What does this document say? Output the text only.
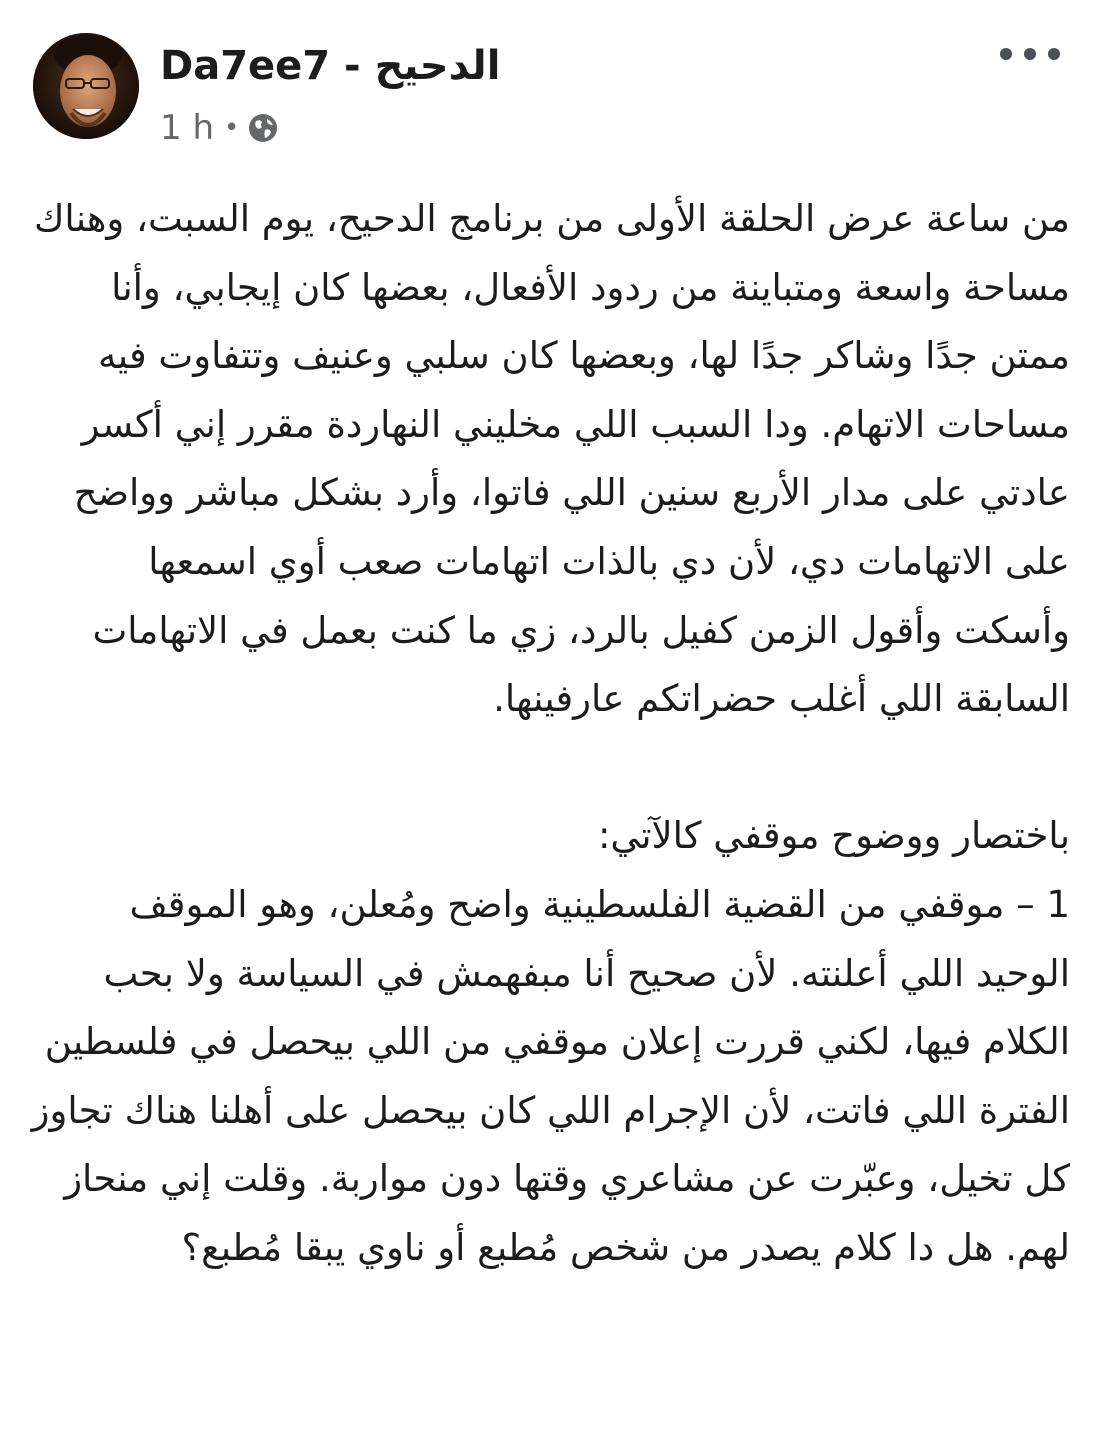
Da7ee7 - الدحيح
1 h •

من ساعة عرض الحلقة الأولى من برنامج الدحيح، يوم السبت، وهناك مساحة واسعة ومتباينة من ردود الأفعال، بعضها كان إيجابي، وأنا ممتن جدًا وشاكر جدًا لها، وبعضها كان سلبي وعنيف وتتفاوت فيه مساحات الاتهام. ودا السبب اللي مخليني النهاردة مقرر إني أكسر عادتي على مدار الأربع سنين اللي فاتوا، وأرد بشكل مباشر وواضح على الاتهامات دي، لأن دي بالذات اتهامات صعب أوي اسمعها وأسكت وأقول الزمن كفيل بالرد، زي ما كنت بعمل في الاتهامات السابقة اللي أغلب حضراتكم عارفينها.

باختصار ووضوح موقفي كالآتي:

1 – موقفي من القضية الفلسطينية واضح ومُعلن، وهو الموقف الوحيد اللي أعلنته. لأن صحيح أنا مبفهمش في السياسة ولا بحب الكلام فيها، لكني قررت إعلان موقفي من اللي بيحصل في فلسطين الفترة اللي فاتت، لأن الإجرام اللي كان بيحصل على أهلنا هناك تجاوز كل تخيل، وعبّرت عن مشاعري وقتها دون مواربة. وقلت إني منحاز لهم. هل دا كلام يصدر من شخص مُطبع أو ناوي يبقا مُطبع؟
